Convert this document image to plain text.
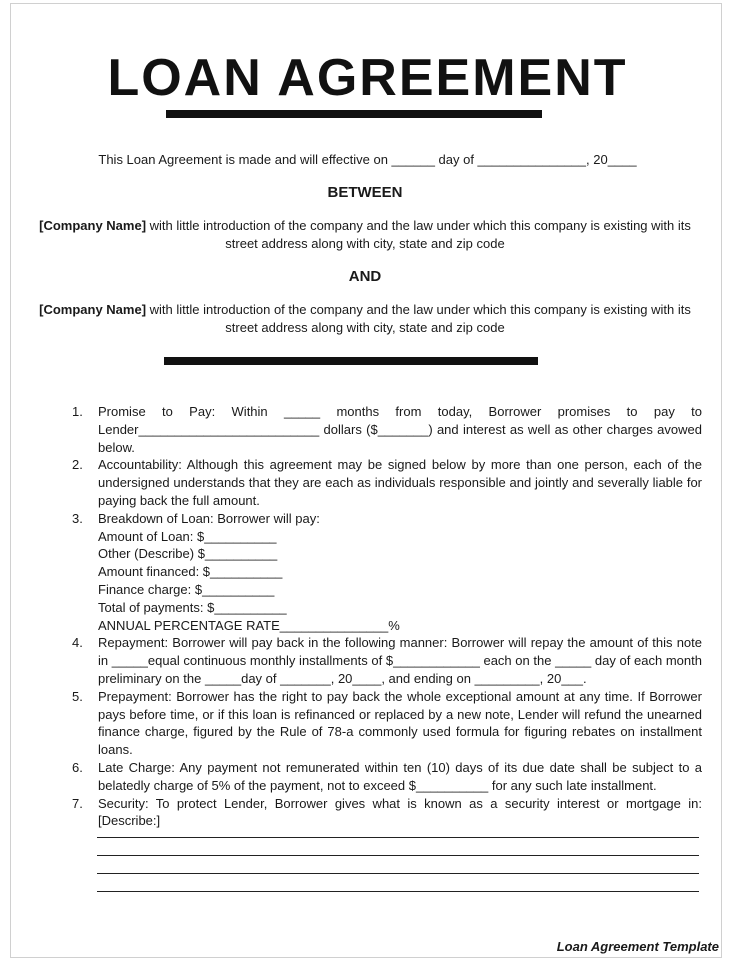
LOAN AGREEMENT
This Loan Agreement is made and will effective on ______ day of _______________, 20____
BETWEEN
[Company Name] with little introduction of the company and the law under which this company is existing with its street address along with city, state and zip code
AND
[Company Name] with little introduction of the company and the law under which this company is existing with its street address along with city, state and zip code
1.	Promise to Pay: Within _____ months from today, Borrower promises to pay to Lender_________________________ dollars ($_______) and interest as well as other charges avowed below.
2.	Accountability: Although this agreement may be signed below by more than one person, each of the undersigned understands that they are each as individuals responsible and jointly and severally liable for paying back the full amount.
3.	Breakdown of Loan: Borrower will pay:
Amount of Loan: $__________
Other (Describe) $__________
Amount financed: $__________
Finance charge: $__________
Total of payments: $__________
ANNUAL PERCENTAGE RATE_______________%
4.	Repayment: Borrower will pay back in the following manner: Borrower will repay the amount of this note in _____equal continuous monthly installments of $____________ each on the _____ day of each month preliminary on the _____day of _______, 20____, and ending on _________, 20___.
5.	Prepayment: Borrower has the right to pay back the whole exceptional amount at any time. If Borrower pays before time, or if this loan is refinanced or replaced by a new note, Lender will refund the unearned finance charge, figured by the Rule of 78-a commonly used formula for figuring rebates on installment loans.
6.	Late Charge: Any payment not remunerated within ten (10) days of its due date shall be subject to a belatedly charge of 5% of the payment, not to exceed $__________ for any such late installment.
7.	Security: To protect Lender, Borrower gives what is known as a security interest or mortgage in: [Describe:]
Loan Agreement Template
